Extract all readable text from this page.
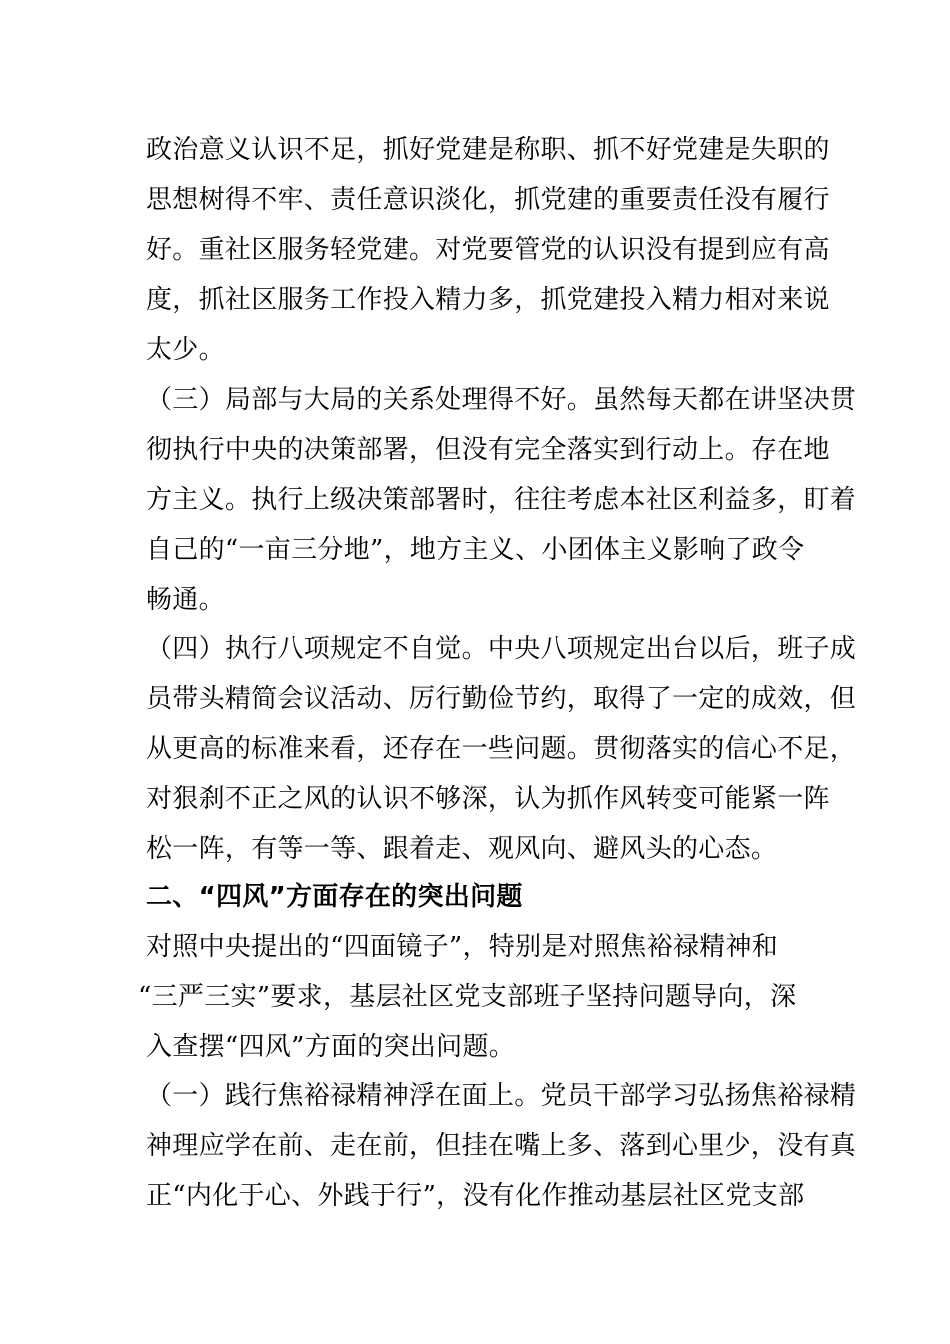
政治意义认识不足，抓好党建是称职、抓不好党建是失职的
思想树得不牢、责任意识淡化，抓党建的重要责任没有履行
好。重社区服务轻党建。对党要管党的认识没有提到应有高
度，抓社区服务工作投入精力多，抓党建投入精力相对来说
太少。
（三）局部与大局的关系处理得不好。虽然每天都在讲坚决贯
彻执行中央的决策部署，但没有完全落实到行动上。存在地
方主义。执行上级决策部署时，往往考虑本社区利益多，盯着
自己的“一亩三分地”，地方主义、小团体主义影响了政令
畅通。
（四）执行八项规定不自觉。中央八项规定出台以后，班子成
员带头精简会议活动、厉行勤俭节约，取得了一定的成效，但
从更高的标准来看，还存在一些问题。贯彻落实的信心不足，
对狠刹不正之风的认识不够深，认为抓作风转变可能紧一阵
松一阵，有等一等、跟着走、观风向、避风头的心态。
二、“四风”方面存在的突出问题
对照中央提出的“四面镜子”，特别是对照焦裕禄精神和
“三严三实”要求，基层社区党支部班子坚持问题导向，深
入查摆“四风”方面的突出问题。
（一）践行焦裕禄精神浮在面上。党员干部学习弘扬焦裕禄精
神理应学在前、走在前，但挂在嘴上多、落到心里少，没有真
正“内化于心、外践于行”，没有化作推动基层社区党支部
